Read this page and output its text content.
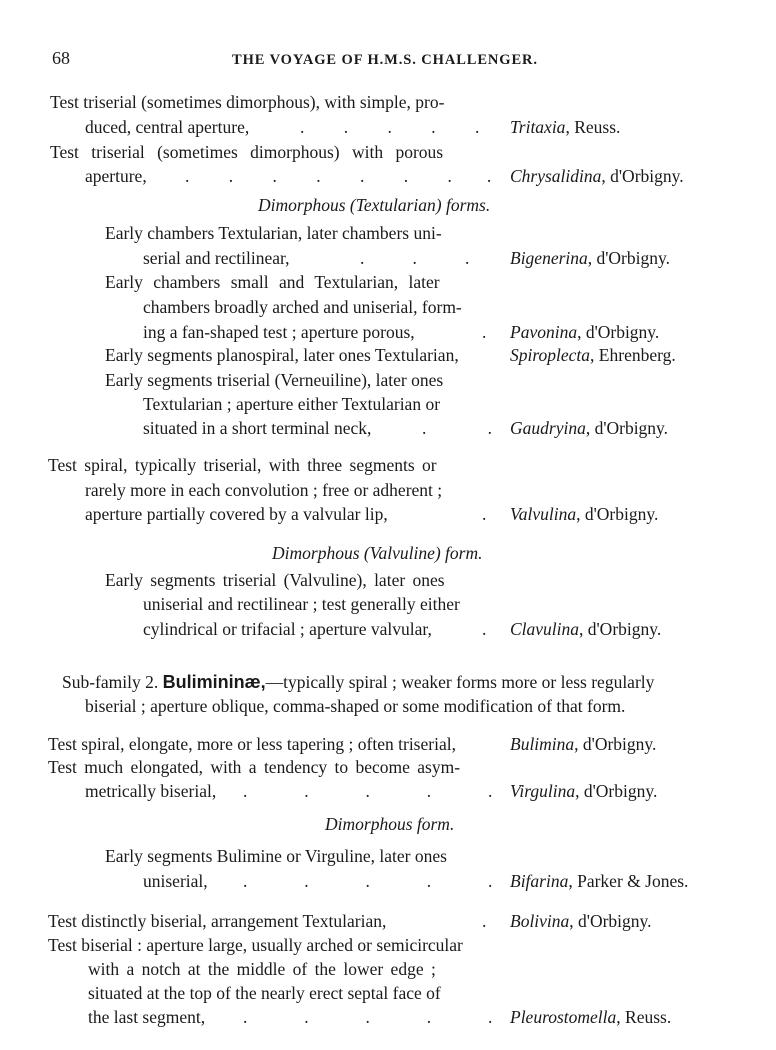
68	THE VOYAGE OF H.M.S. CHALLENGER.
Test triserial (sometimes dimorphous), with simple, pro-
duced, central aperture,	.         .         .         .         . Tritaxia, Reuss.
Test triserial (sometimes dimorphous) with porous
aperture, .         .         .         .         .         .         .        . Chrysalidina, d'Orbigny.
Dimorphous (Textularian) forms.
Early chambers Textularian, later chambers uni-
serial and rectilinear,	.           .           . Bigenerina, d'Orbigny.
Early chambers small and Textularian, later
chambers broadly arched and uniserial, form-
ing a fan-shaped test ; aperture porous,	. Pavonina, d'Orbigny.
Early segments planospiral, later ones Textularian,	Spiroplecta, Ehrenberg.
Early segments triserial (Verneuiline), later ones
Textularian ; aperture either Textularian or
situated in a short terminal neck,	.              . Gaudryina, d'Orbigny.
Test spiral, typically triserial, with three segments or
rarely more in each convolution ; free or adherent ;
aperture partially covered by a valvular lip,	. Valvulina, d'Orbigny.
Dimorphous (Valvuline) form.
Early segments triserial (Valvuline), later ones
uniserial and rectilinear ; test generally either
cylindrical or trifacial ; aperture valvular,	. Clavulina, d'Orbigny.
Sub-family 2. Bulimininæ,—typically spiral ; weaker forms more or less regularly
biserial ; aperture oblique, comma-shaped or some modification of that form.
Test spiral, elongate, more or less tapering ; often triserial,	Bulimina, d'Orbigny.
Test much elongated, with a tendency to become asym-
metrically biserial, .             .             .             .             . Virgulina, d'Orbigny.
Dimorphous form.
Early segments Bulimine or Virguline, later ones
uniserial, .             .             .             .             . Bifarina, Parker & Jones.
Test distinctly biserial, arrangement Textularian,	. Bolivina, d'Orbigny.
Test biserial : aperture large, usually arched or semicircular
with a notch at the middle of the lower edge ;
situated at the top of the nearly erect septal face of
the last segment, .             .             .             .             . Pleurostomella, Reuss.
